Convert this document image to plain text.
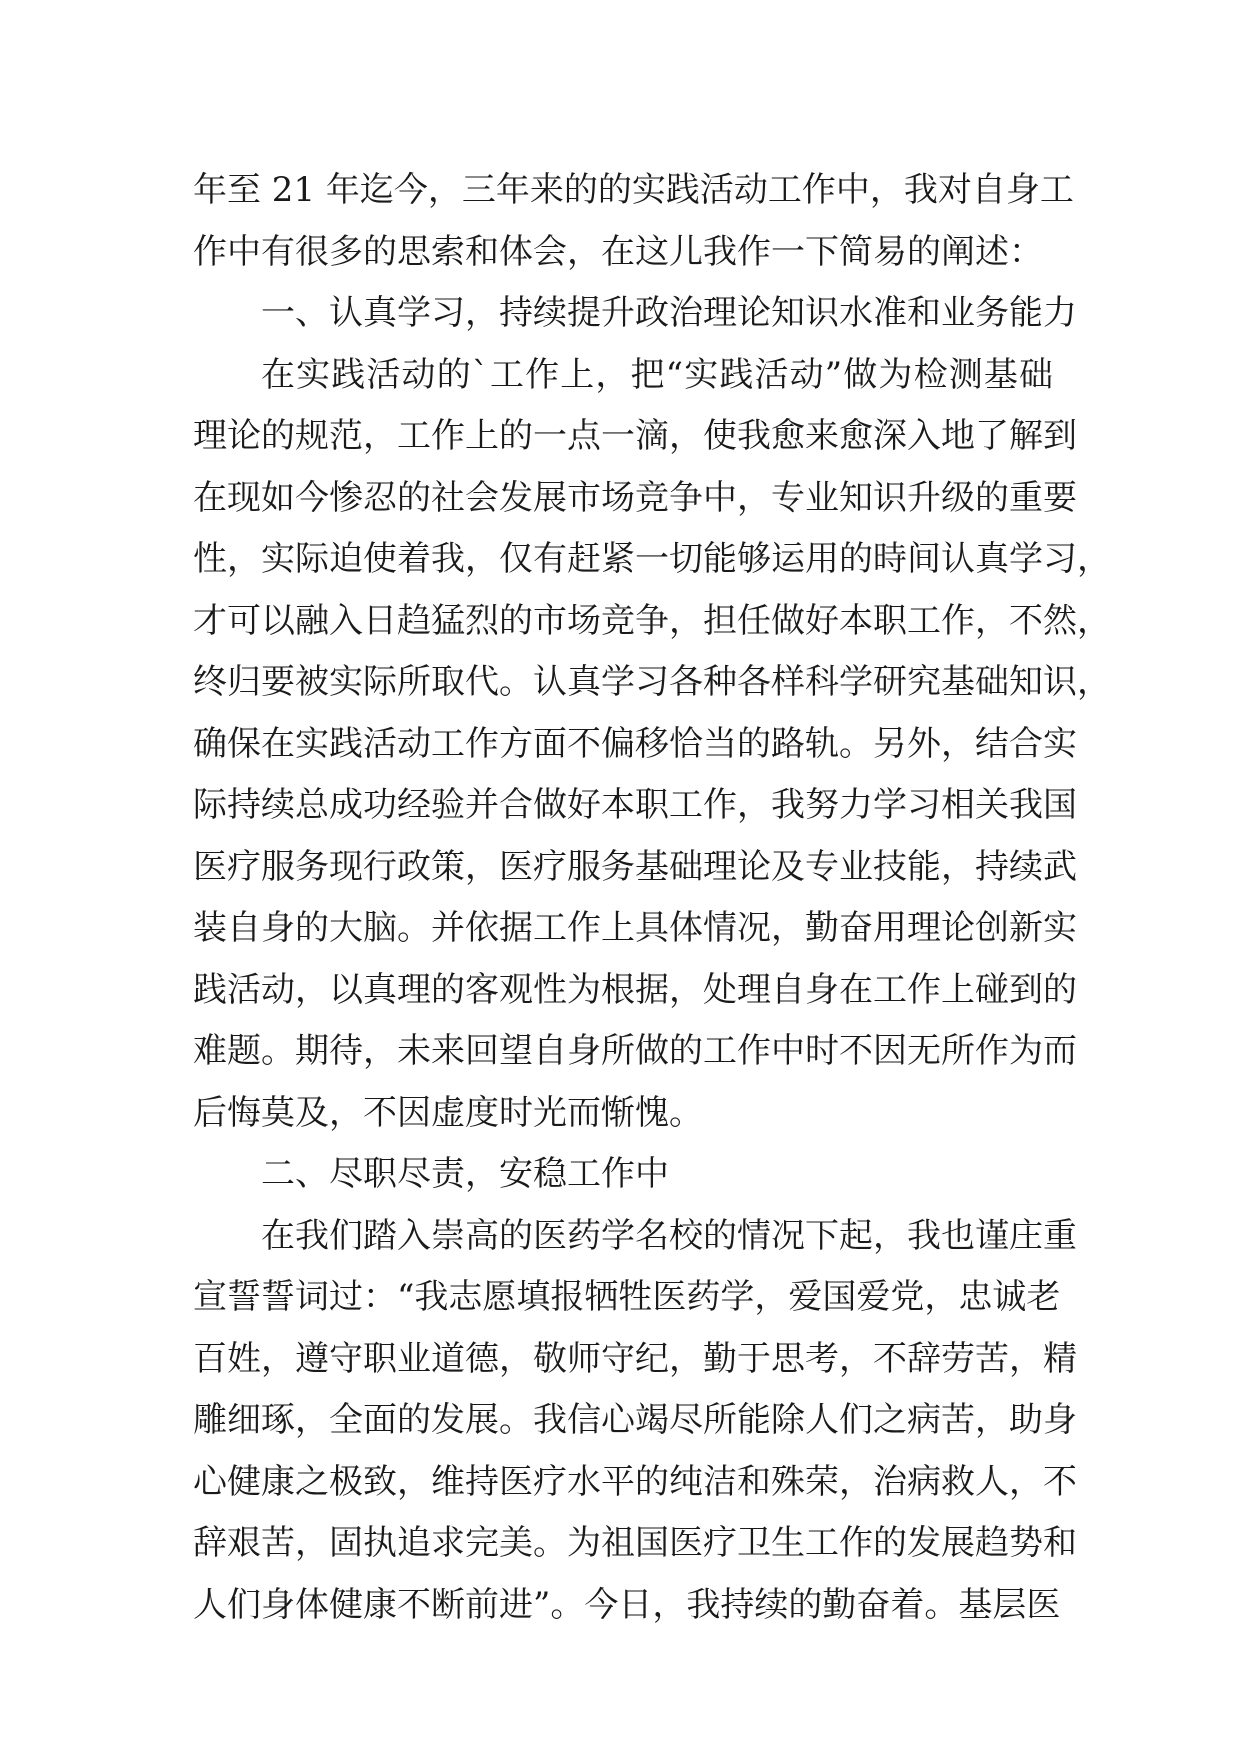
年至 21 年迄今，三年来的的实践活动工作中，我对自身工
作中有很多的思索和体会，在这儿我作一下简易的阐述：
一、认真学习，持续提升政治理论知识水准和业务能力
在实践活动的`工作上，把“实践活动”做为检测基础
理论的规范，工作上的一点一滴，使我愈来愈深入地了解到
在现如今惨忍的社会发展市场竞争中，专业知识升级的重要
性，实际迫使着我，仅有赶紧一切能够运用的時间认真学习，
才可以融入日趋猛烈的市场竞争，担任做好本职工作，不然，
终归要被实际所取代。认真学习各种各样科学研究基础知识，
确保在实践活动工作方面不偏移恰当的路轨。另外，结合实
际持续总成功经验并合做好本职工作，我努力学习相关我国
医疗服务现行政策，医疗服务基础理论及专业技能，持续武
装自身的大脑。并依据工作上具体情况，勤奋用理论创新实
践活动，以真理的客观性为根据，处理自身在工作上碰到的
难题。期待，未来回望自身所做的工作中时不因无所作为而
后悔莫及，不因虚度时光而惭愧。
二、尽职尽责，安稳工作中
在我们踏入崇高的医药学名校的情况下起，我也谨庄重
宣誓誓词过：“我志愿填报牺牲医药学，爱国爱党，忠诚老
百姓，遵守职业道德，敬师守纪，勤于思考，不辞劳苦，精
雕细琢，全面的发展。我信心竭尽所能除人们之病苦，助身
心健康之极致，维持医疗水平的纯洁和殊荣，治病救人，不
辞艰苦，固执追求完美。为祖国医疗卫生工作的发展趋势和
人们身体健康不断前进”。今日，我持续的勤奋着。基层医
